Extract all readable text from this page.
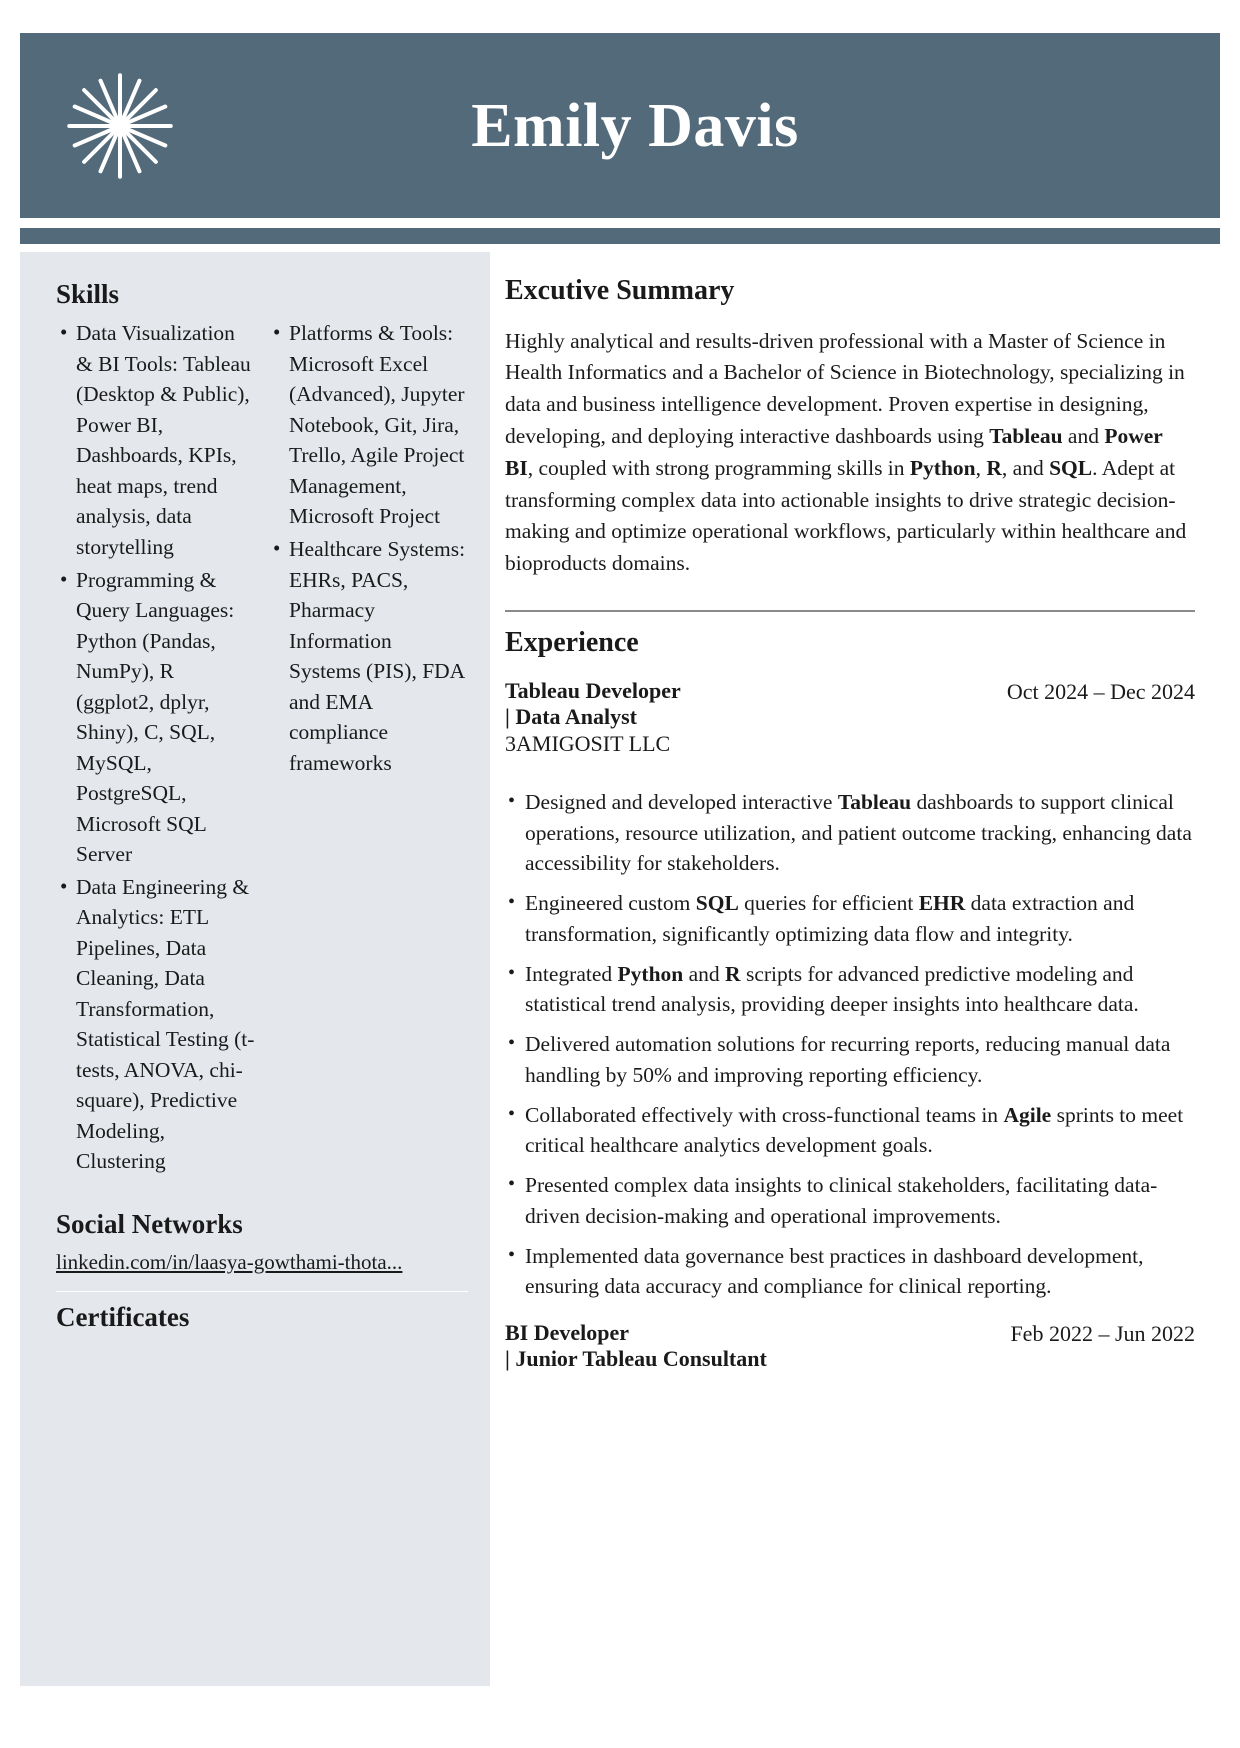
Emily Davis
Skills
• Data Visualization & BI Tools: Tableau (Desktop & Public), Power BI, Dashboards, KPIs, heat maps, trend analysis, data storytelling
• Programming & Query Languages: Python (Pandas, NumPy), R (ggplot2, dplyr, Shiny), C, SQL, MySQL, PostgreSQL, Microsoft SQL Server
• Data Engineering & Analytics: ETL Pipelines, Data Cleaning, Data Transformation, Statistical Testing (t-tests, ANOVA, chi-square), Predictive Modeling, Clustering
• Platforms & Tools: Microsoft Excel (Advanced), Jupyter Notebook, Git, Jira, Trello, Agile Project Management, Microsoft Project
• Healthcare Systems: EHRs, PACS, Pharmacy Information Systems (PIS), FDA and EMA compliance frameworks
Social Networks
linkedin.com/in/laasya-gowthami-thota...
Certificates
Excutive Summary

Highly analytical and results-driven professional with a Master of Science in Health Informatics and a Bachelor of Science in Biotechnology, specializing in data and business intelligence development. Proven expertise in designing, developing, and deploying interactive dashboards using Tableau and Power BI, coupled with strong programming skills in Python, R, and SQL. Adept at transforming complex data into actionable insights to drive strategic decision-making and optimize operational workflows, particularly within healthcare and bioproducts domains.

Experience
Tableau Developer
| Data Analyst
Oct 2024 – Dec 2024
3AMIGOSIT LLC
• Designed and developed interactive Tableau dashboards to support clinical operations, resource utilization, and patient outcome tracking, enhancing data accessibility for stakeholders.
• Engineered custom SQL queries for efficient EHR data extraction and transformation, significantly optimizing data flow and integrity.
• Integrated Python and R scripts for advanced predictive modeling and statistical trend analysis, providing deeper insights into healthcare data.
• Delivered automation solutions for recurring reports, reducing manual data handling by 50% and improving reporting efficiency.
• Collaborated effectively with cross-functional teams in Agile sprints to meet critical healthcare analytics development goals.
• Presented complex data insights to clinical stakeholders, facilitating data-driven decision-making and operational improvements.
• Implemented data governance best practices in dashboard development, ensuring data accuracy and compliance for clinical reporting.
BI Developer
| Junior Tableau Consultant
Feb 2022 – Jun 2022
